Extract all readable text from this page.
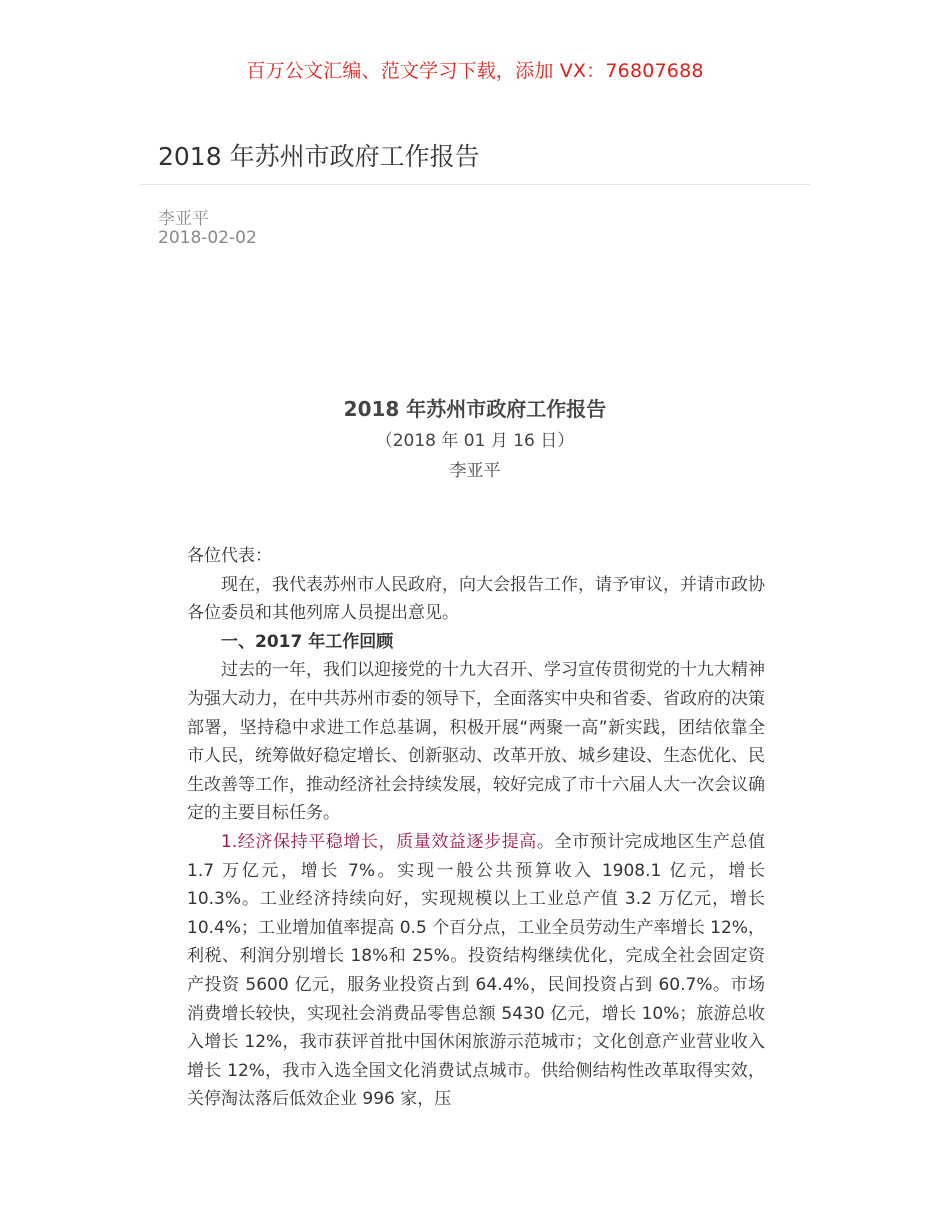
百万公文汇编、范文学习下载，添加 VX：76807688
2018 年苏州市政府工作报告
李亚平
2018-02-02
2018 年苏州市政府工作报告
（2018 年 01 月 16 日）
李亚平

各位代表：

现在，我代表苏州市人民政府，向大会报告工作，请予审议，并请市政协各位委员和其他列席人员提出意见。

一、2017 年工作回顾

过去的一年，我们以迎接党的十九大召开、学习宣传贯彻党的十九大精神为强大动力，在中共苏州市委的领导下，全面落实中央和省委、省政府的决策部署，坚持稳中求进工作总基调，积极开展“两聚一高”新实践，团结依靠全市人民，统筹做好稳定增长、创新驱动、改革开放、城乡建设、生态优化、民生改善等工作，推动经济社会持续发展，较好完成了市十六届人大一次会议确定的主要目标任务。

1.经济保持平稳增长，质量效益逐步提高。全市预计完成地区生产总值 1.7 万亿元，增长 7%。实现一般公共预算收入 1908.1 亿元，增长 10.3%。工业经济持续向好，实现规模以上工业总产值 3.2 万亿元，增长 10.4%；工业增加值率提高 0.5 个百分点，工业全员劳动生产率增长 12%，利税、利润分别增长 18%和 25%。投资结构继续优化，完成全社会固定资产投资 5600 亿元，服务业投资占到 64.4%，民间投资占到 60.7%。市场消费增长较快，实现社会消费品零售总额 5430 亿元，增长 10%；旅游总收入增长 12%，我市获评首批中国休闲旅游示范城市；文化创意产业营业收入增长 12%，我市入选全国文化消费试点城市。供给侧结构性改革取得实效，关停淘汰落后低效企业 996 家，压
